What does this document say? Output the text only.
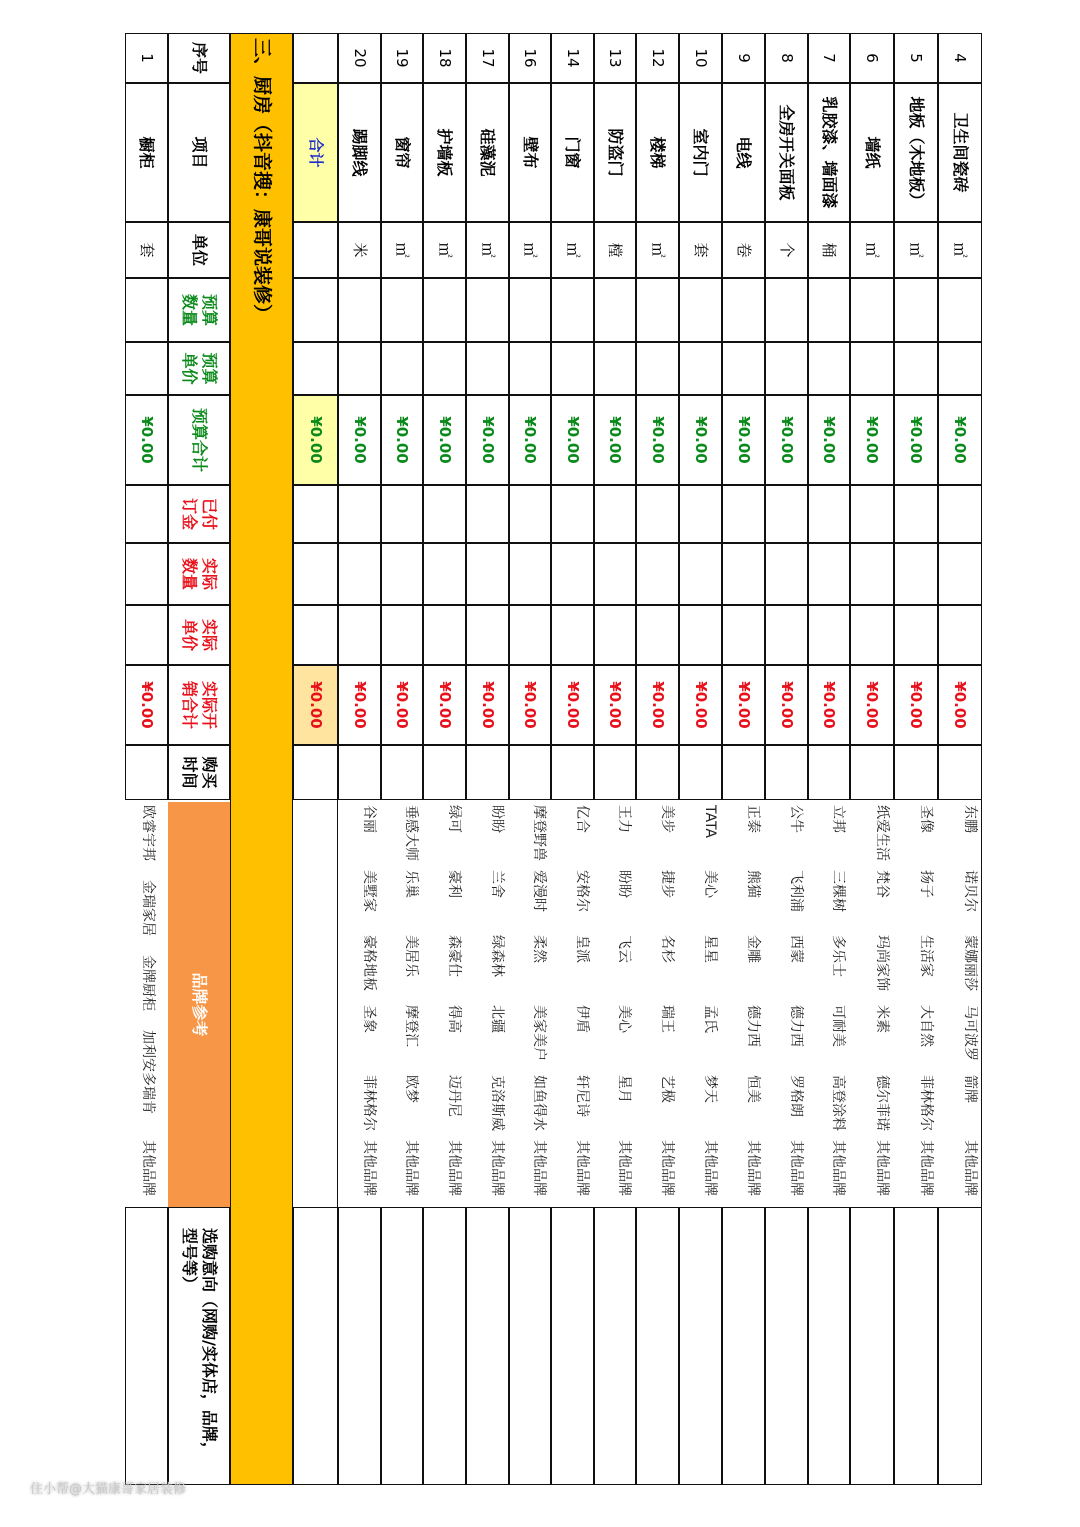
4
卫生间瓷砖
㎡
¥0.00
¥0.00
东鹏
诺贝尔
蒙娜丽莎
马可波罗
箭牌
其他品牌
5
地板（木地板）
㎡
¥0.00
¥0.00
圣像
扬子
生活家
大自然
菲林格尔
其他品牌
6
墙纸
㎡
¥0.00
¥0.00
纸爱生活
梵谷
玛尚家饰
米素
德尔菲诺
其他品牌
7
乳胶漆、墙面漆
桶
¥0.00
¥0.00
立邦
三棵树
多乐士
可耐美
高登涂料
其他品牌
8
全房开关面板
个
¥0.00
¥0.00
公牛
飞利浦
西蒙
德力西
罗格朗
其他品牌
9
电线
卷
¥0.00
¥0.00
正泰
熊猫
金雕
德力西
恒美
其他品牌
10
室内门
套
¥0.00
¥0.00
TATA
美心
星星
孟氏
梦天
其他品牌
12
楼梯
㎡
¥0.00
¥0.00
美步
捷步
名杉
瑞王
艺极
其他品牌
13
防盗门
樘
¥0.00
¥0.00
王力
盼盼
飞云
美心
星月
其他品牌
14
门窗
㎡
¥0.00
¥0.00
亿合
安格尔
皇派
伊盾
轩尼诗
其他品牌
16
壁布
㎡
¥0.00
¥0.00
摩登野兽
爱漫时
柔然
美家美户
如鱼得水
其他品牌
17
硅藻泥
㎡
¥0.00
¥0.00
盼盼
兰舍
绿森林
北疆
克洛斯威
其他品牌
18
护墙板
㎡
¥0.00
¥0.00
绿可
豪利
森豪仕
得高
迈丹尼
其他品牌
19
窗帘
㎡
¥0.00
¥0.00
垂感大师
乐巢
美居乐
摩登汇
欧梦
其他品牌
20
踢脚线
米
¥0.00
¥0.00
谷丽
美墅家
豪格地板
圣象
菲林格尔
其他品牌
合计
¥0.00
¥0.00
三、厨房（抖音搜：康哥说装修）
序号
项目
单位
预算数量
预算单价
预算合计
已付订金
实际数量
实际单价
实际开销合计
购买时间
品牌参考
选购意向（网购/实体店，品牌，型号等）
1
橱柜
套
¥0.00
¥0.00
欧睿宇邦
金瑞家居
金牌厨柜
加利安多瑞肯
其他品牌
住小帮@大猫康哥家居装修
